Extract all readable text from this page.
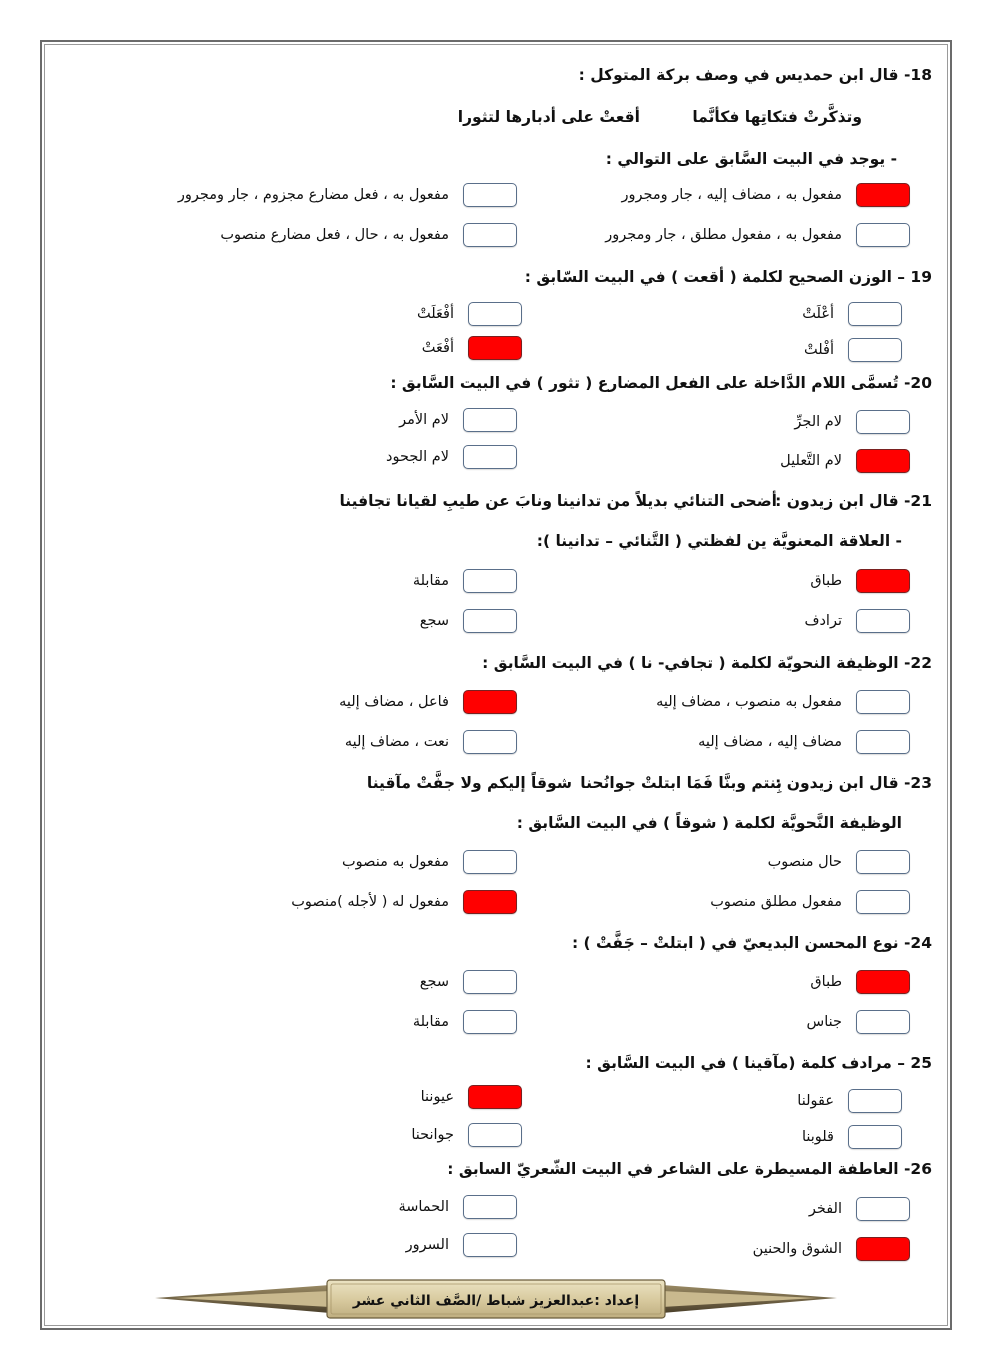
18- قال ابن حمديس في وصف بركة المتوكل :
وتذكَّرتْ فتكاتِها فكأنَّما
أقعتْ على أدبارها لتثورا
- يوجد في البيت السَّابق على التوالي :
مفعول به ، مضاف إليه ، جار ومجرور
مفعول به ، فعل مضارع مجزوم ، جار ومجرور
مفعول به ، مفعول مطلق ، جار ومجرور
مفعول به ، حال ، فعل مضارع منصوب
19 – الوزن الصحيح لكلمة ( أقعت ) في البيت السّابق :
أعْلَتْ
أفْعَلَتْ
أفْلتْ
أفْعَتْ
20- تُسمَّى اللام الدَّاخلة على الفعل المضارع ( تثور ) في البيت السَّابق :
لام الجرِّ
لام الأمر
لام التَّعليل
لام الجحود
21- قال ابن زيدون :
أضحى التنائي بديلاً من تدانينا
ونابَ عن طيبِ لقيانا تجافينا
- العلاقة المعنويَّة ين لفظتي ( التَّنائي – تدانينا ):
طباق
مقابلة
ترادف
سجع
22- الوظيفة النحويّة لكلمة ( تجافي- نا ) في البيت السَّابق :
مفعول به منصوب ، مضاف إليه
فاعل ، مضاف إليه
مضاف إليه ، مضاف إليه
نعت ، مضاف إليه
23- قال ابن زيدون :
بِنتم وبنَّا فَمَا ابتلتْ جوانُحنا
شوقاً إليكم ولا جفَّتْ مآقينا
الوظيفة النَّحويَّة لكلمة ( شوقاً ) في البيت السَّابق :
حال منصوب
مفعول به منصوب
مفعول مطلق منصوب
مفعول له ( لأجله )منصوب
24- نوع المحسن البديعيّ في ( ابتلتْ – جَفَّتْ ) :
طباق
سجع
جناس
مقابلة
25 – مرادف كلمة (مآقينا ) في البيت السَّابق :
عقولنا
عيوننا
قلوبنا
جوانحنا
26- العاطفة المسيطرة على الشاعر في البيت الشّعريّ السابق :
الفخر
الحماسة
الشوق والحنين
السرور
إعداد :عبدالعزيز شباط /الصَّف الثاني عشر
